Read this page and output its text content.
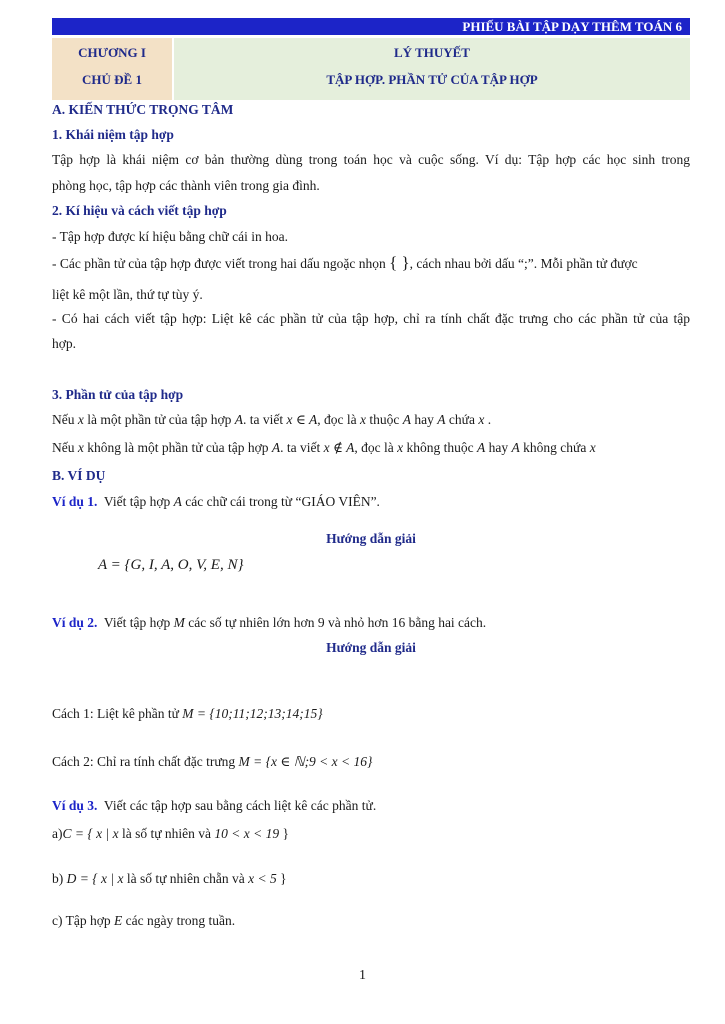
PHIẾU BÀI TẬP DẠY THÊM TOÁN 6
CHƯƠNG I
CHỦ ĐỀ 1
LÝ THUYẾT
TẬP HỢP. PHẦN TỬ CỦA TẬP HỢP
A. KIẾN THỨC TRỌNG TÂM
1. Khái niệm tập hợp
Tập hợp là khái niệm cơ bản thường dùng trong toán học và cuộc sống. Ví dụ: Tập hợp các học sinh trong
phòng học, tập hợp các thành viên trong gia đình.
2. Kí hiệu và cách viết tập hợp
- Tập hợp được kí hiệu bằng chữ cái in hoa.
- Các phần tử của tập hợp được viết trong hai dấu ngoặc nhọn { }, cách nhau bởi dấu “;”. Mỗi phần tử được
liệt kê một lần, thứ tự tùy ý.
- Có hai cách viết tập hợp: Liệt kê các phần tử của tập hợp, chỉ ra tính chất đặc trưng cho các phần tử của tập
hợp.
3. Phần tử của tập hợp
Nếu x là một phần tử của tập hợp A. ta viết x ∈ A, đọc là x thuộc A hay A chứa x .
Nếu x không là một phần tử của tập hợp A. ta viết x ∉ A, đọc là x không thuộc A hay A không chứa x
B. VÍ DỤ
Ví dụ 1. Viết tập hợp A các chữ cái trong từ “GIÁO VIÊN”.
Hướng dẫn giải
A = {G, I, A, O, V, E, N}
Ví dụ 2. Viết tập hợp M các số tự nhiên lớn hơn 9 và nhỏ hơn 16 bằng hai cách.
Hướng dẫn giải
Cách 1: Liệt kê phần tử M = {10;11;12;13;14;15}
Cách 2: Chỉ ra tính chất đặc trưng M = {x ∈ ℕ;9 < x < 16}
Ví dụ 3. Viết các tập hợp sau bằng cách liệt kê các phần tử.
a)C = { x | x là số tự nhiên và 10 < x < 19 }
b) D = { x | x là số tự nhiên chẵn và x < 5 }
c) Tập hợp E các ngày trong tuần.
1
